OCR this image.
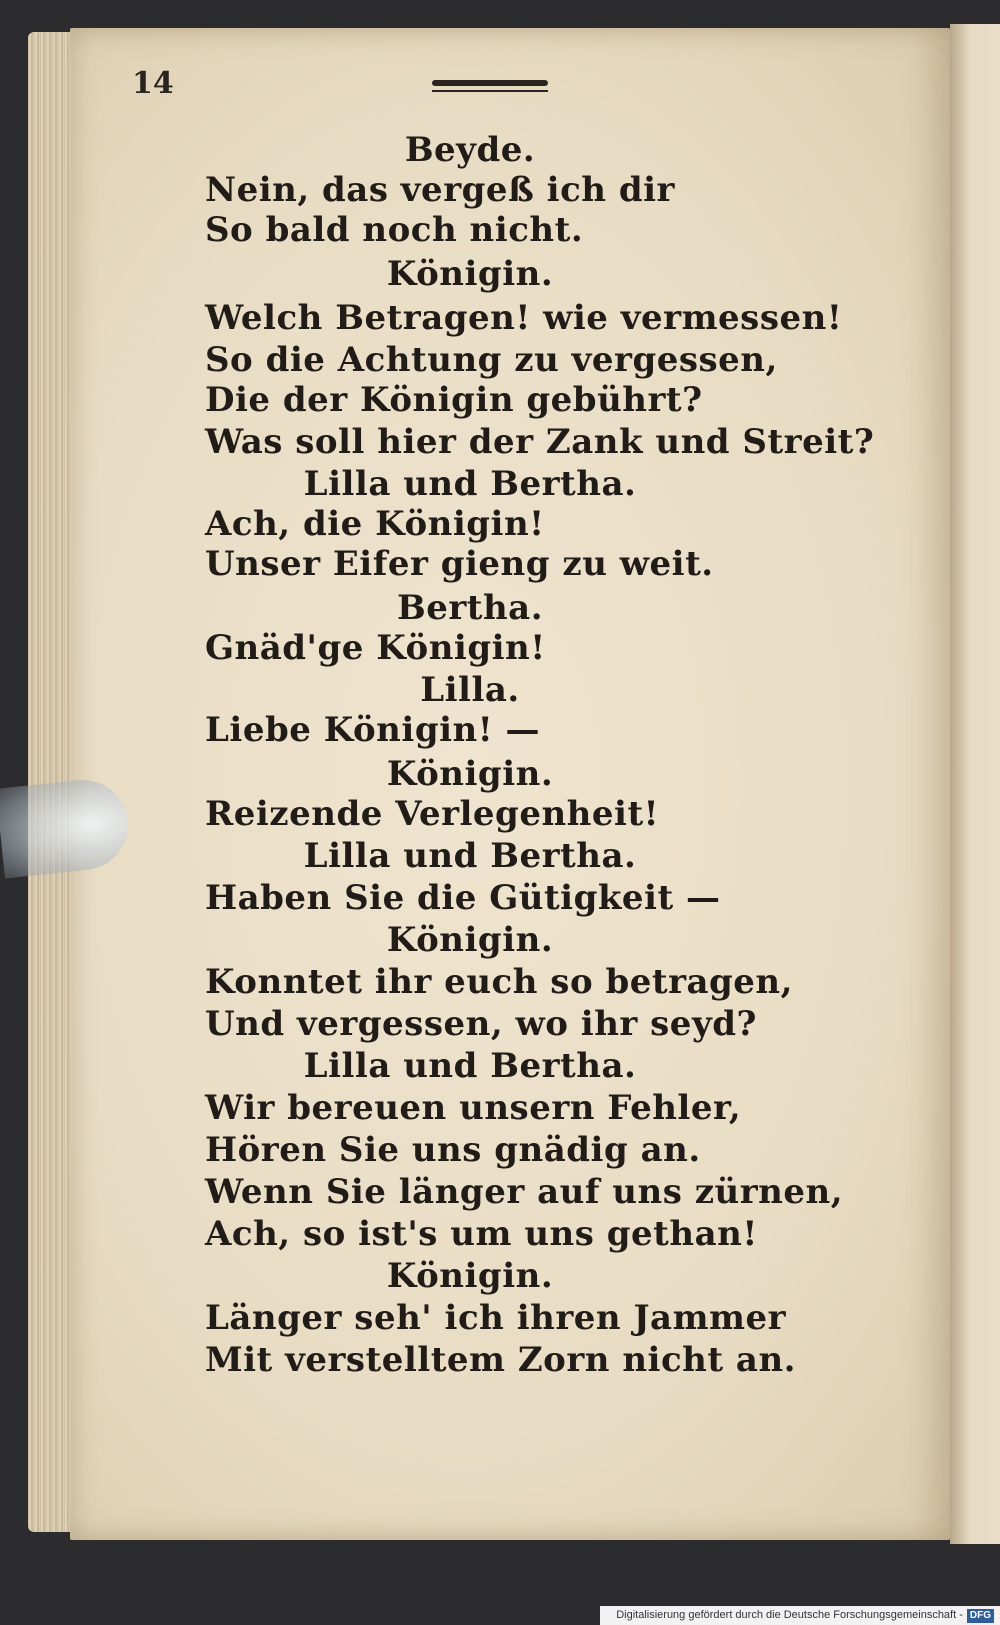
14
Beyde.
Nein, das vergeß ich dir
So bald noch nicht.
Königin.
Welch Betragen! wie vermessen!
So die Achtung zu vergessen,
Die der Königin gebührt?
Was soll hier der Zank und Streit?
Lilla und Bertha.
Ach, die Königin!
Unser Eifer gieng zu weit.
Bertha.
Gnäd'ge Königin!
Lilla.
Liebe Königin! —
Königin.
Reizende Verlegenheit!
Lilla und Bertha.
Haben Sie die Gütigkeit —
Königin.
Konntet ihr euch so betragen,
Und vergessen, wo ihr seyd?
Lilla und Bertha.
Wir bereuen unsern Fehler,
Hören Sie uns gnädig an.
Wenn Sie länger auf uns zürnen,
Ach, so ist's um uns gethan!
Königin.
Länger seh' ich ihren Jammer
Mit verstelltem Zorn nicht an.
Digitalisierung gefördert durch die Deutsche Forschungsgemeinschaft - DFG
